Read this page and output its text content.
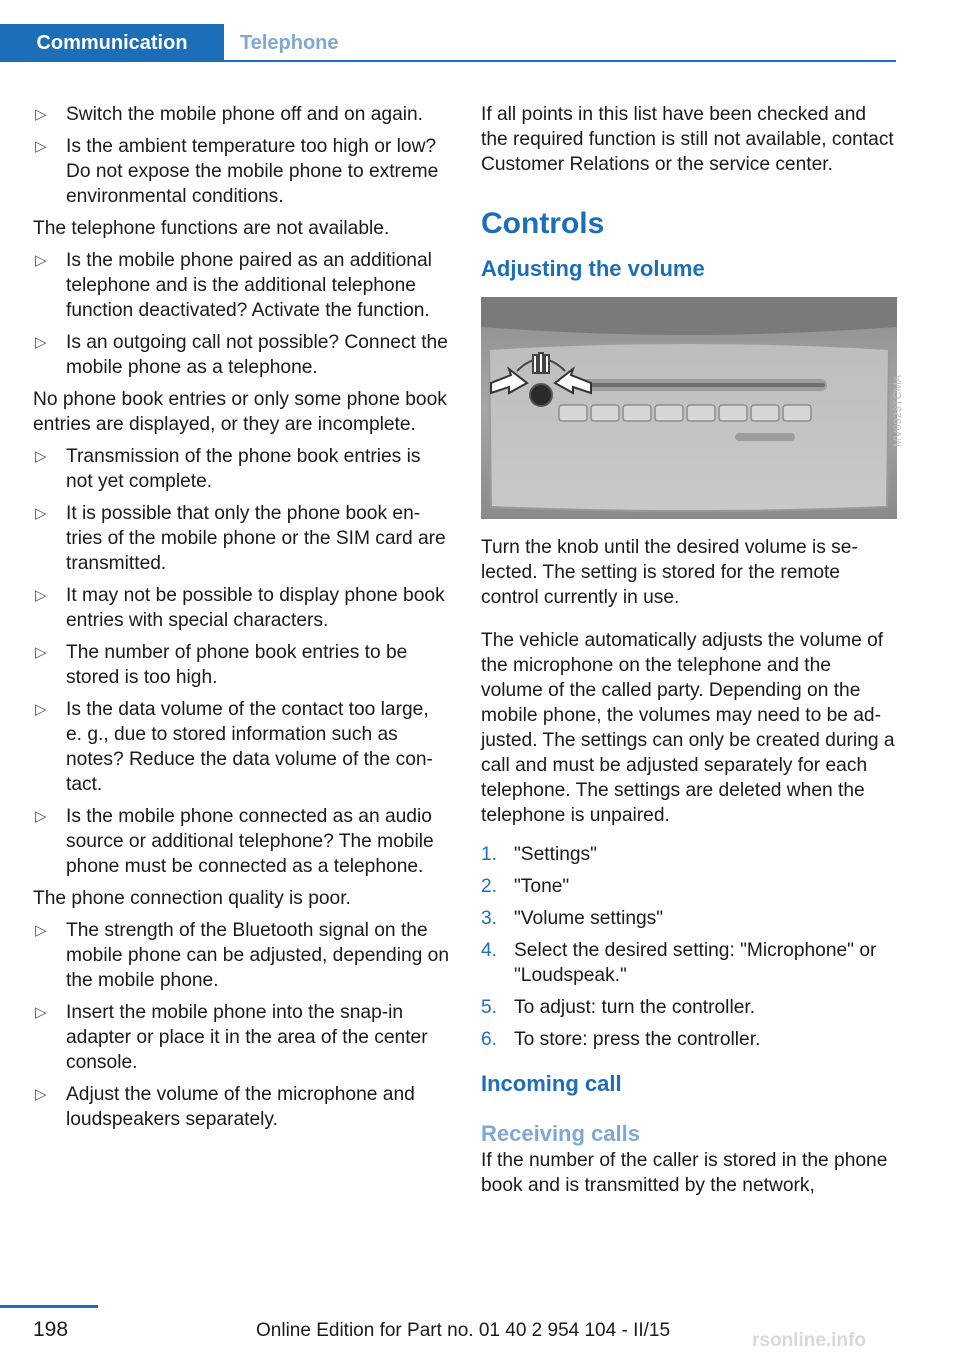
Communication	Telephone
▷ Switch the mobile phone off and on again.
▷ Is the ambient temperature too high or low? Do not expose the mobile phone to extreme environmental conditions.

The telephone functions are not available.

▷ Is the mobile phone paired as an additional telephone and is the additional telephone function deactivated? Activate the function.
▷ Is an outgoing call not possible? Connect the mobile phone as a telephone.

No phone book entries or only some phone book entries are displayed, or they are incomplete.

▷ Transmission of the phone book entries is not yet complete.
▷ It is possible that only the phone book entries of the mobile phone or the SIM card are transmitted.
▷ It may not be possible to display phone book entries with special characters.
▷ The number of phone book entries to be stored is too high.
▷ Is the data volume of the contact too large, e. g., due to stored information such as notes? Reduce the data volume of the contact.
▷ Is the mobile phone connected as an audio source or additional telephone? The mobile phone must be connected as a telephone.

The phone connection quality is poor.

▷ The strength of the Bluetooth signal on the mobile phone can be adjusted, depending on the mobile phone.
▷ Insert the mobile phone into the snap-in adapter or place it in the area of the center console.
▷ Adjust the volume of the microphone and loudspeakers separately.

If all points in this list have been checked and the required function is still not available, contact Customer Relations or the service center.

Controls
Adjusting the volume
MV0923TCMA

Turn the knob until the desired volume is selected. The setting is stored for the remote control currently in use.

The vehicle automatically adjusts the volume of the microphone on the telephone and the volume of the called party. Depending on the mobile phone, the volumes may need to be adjusted. The settings can only be created during a call and must be adjusted separately for each telephone. The settings are deleted when the telephone is unpaired.

1. "Settings"
2. "Tone"
3. "Volume settings"
4. Select the desired setting: "Microphone" or "Loudspeak."
5. To adjust: turn the controller.
6. To store: press the controller.
Incoming call
Receiving calls

If the number of the caller is stored in the phone book and is transmitted by the network,

198	Online Edition for Part no. 01 40 2 954 104 - II/15	rsonline.info
